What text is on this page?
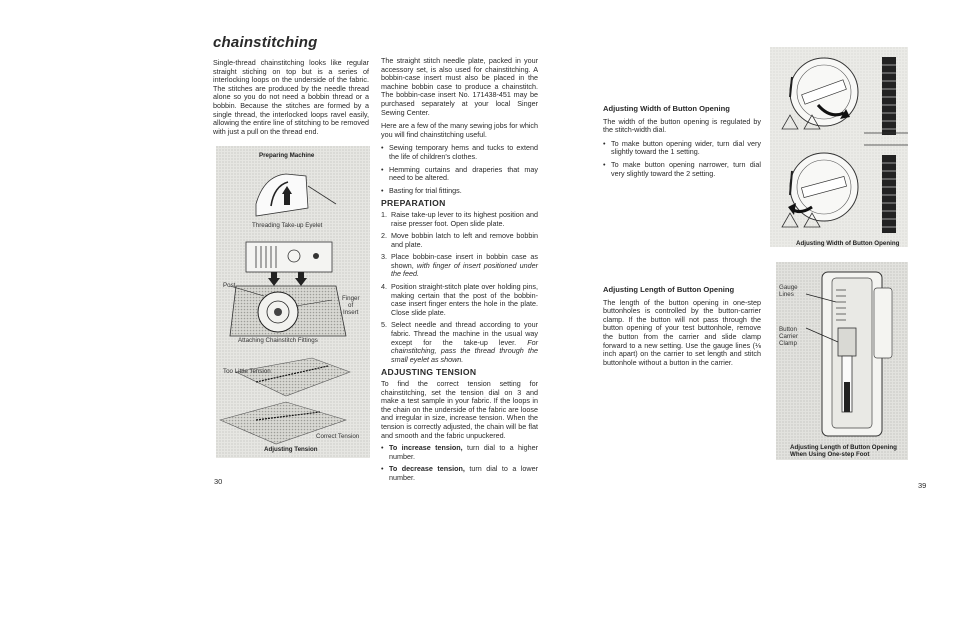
chainstitching

Single-thread chainstitching looks like regular straight stiching on top but is a series of interlocking loops on the underside of the fabric. The stitches are produced by the needle thread alone so you do not need a bobbin thread or a bobbin. Because the stitches are formed by a single thread, the interlocked loops ravel easily, allowing the entire line of stitching to be removed with just a pull on the thread end.

Preparing Machine
Threading Take-up Eyelet
Post
Finger
of
Insert
Attaching Chainstitch Fittings
Too Little Tension
Correct Tension
Adjusting Tension

The straight stitch needle plate, packed in your accessory set, is also used for chainstitching. A bobbin-case insert must also be placed in the machine bobbin case to produce a chainstitch. The bobbin-case insert No. 171438-451 may be purchased separately at your local Singer Sewing Center.

Here are a few of the many sewing jobs for which you will find chainstitching useful.

• Sewing temporary hems and tucks to extend the life of children's clothes.
• Hemming curtains and draperies that may need to be altered.
• Basting for trial fittings.
PREPARATION
1. Raise take-up lever to its highest position and raise presser foot. Open slide plate.
2. Move bobbin latch to left and remove bobbin and plate.
3. Place bobbin-case insert in bobbin case as shown, with finger of insert positioned under the feed.
4. Position straight-stitch plate over holding pins, making certain that the post of the bobbin-case insert finger enters the hole in the plate. Close slide plate.
5. Select needle and thread according to your fabric. Thread the machine in the usual way except for the take-up lever. For chainstitching, pass the thread through the small eyelet as shown.
ADJUSTING TENSION

To find the correct tension setting for chainstitching, set the tension dial on 3 and make a test sample in your fabric. If the loops in the chain on the underside of the fabric are loose and irregular in size, increase tension. When the tension is correctly adjusted, the chain will be flat and smooth and the fabric unpuckered.

• To increase tension, turn dial to a higher number.
• To decrease tension, turn dial to a lower number.
30
Adjusting Width of Button Opening

The width of the button opening is regulated by the stitch-width dial.

• To make button opening wider, turn dial very slightly toward the 1 setting.
• To make button opening narrower, turn dial very slightly toward the 2 setting.
Adjusting Length of Button Opening

The length of the button opening in one-step buttonholes is controlled by the button-carrier clamp. If the button will not pass through the button opening of your test buttonhole, remove the button from the carrier and slide clamp forward to a new setting. Use the gauge lines (⅛ inch apart) on the carrier to set length and stitch buttonhole without a button in the carrier.

Adjusting Width of Button Opening
Gauge
Lines
Button
Carrier
Clamp
Adjusting Length of Button Opening
When Using One-step Foot
39
